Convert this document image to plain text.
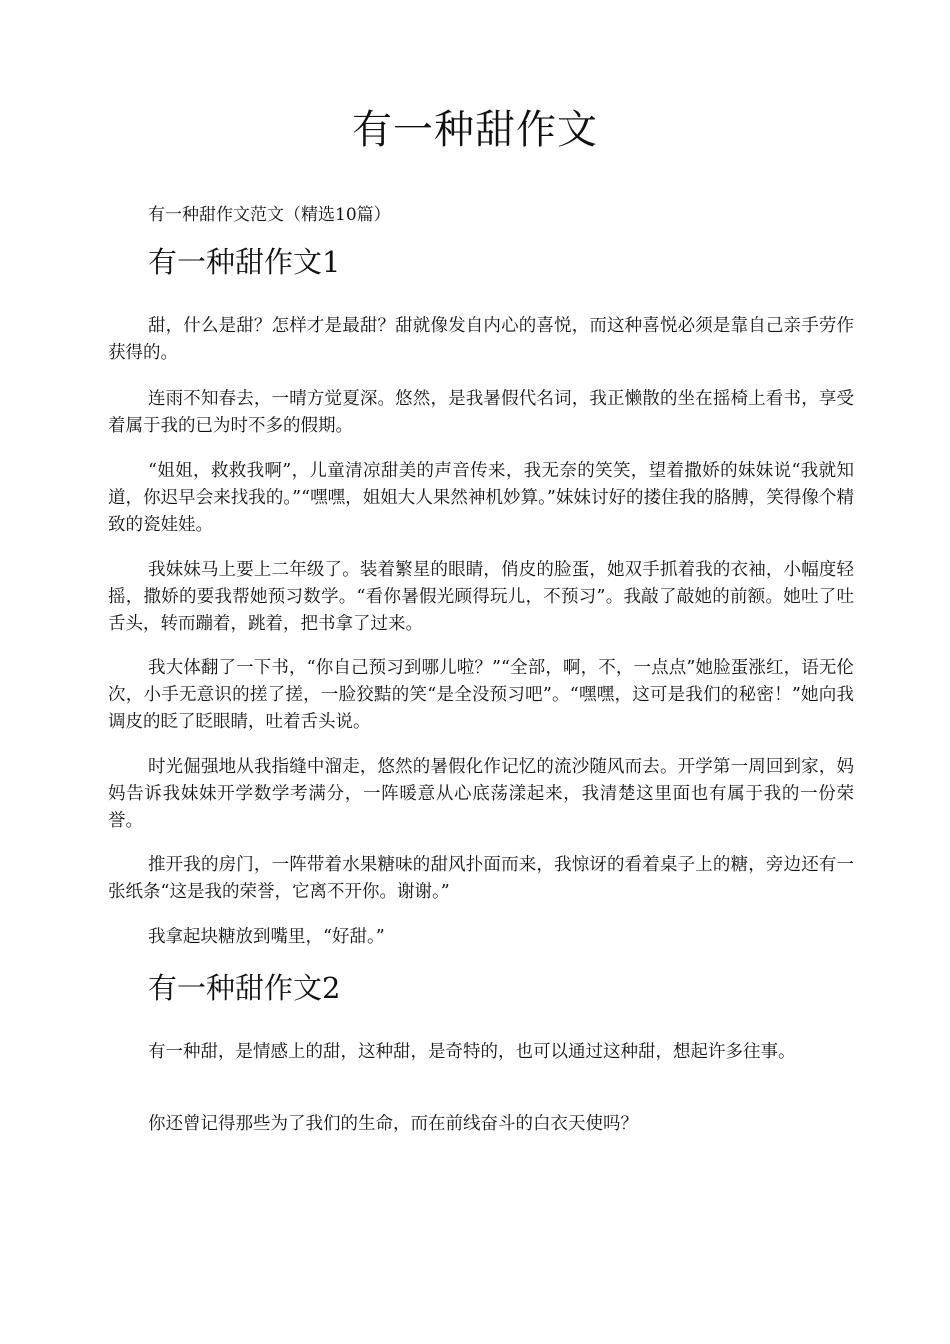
有一种甜作文

有一种甜作文范文（精选10篇）

有一种甜作文1

甜，什么是甜？怎样才是最甜？甜就像发自内心的喜悦，而这种喜悦必须是靠自己亲手劳作获得的。

连雨不知春去，一晴方觉夏深。悠然，是我暑假代名词，我正懒散的坐在摇椅上看书，享受着属于我的已为时不多的假期。

“姐姐，救救我啊”，儿童清凉甜美的声音传来，我无奈的笑笑，望着撒娇的妹妹说“我就知道，你迟早会来找我的。”“嘿嘿，姐姐大人果然神机妙算。”妹妹讨好的搂住我的胳膊，笑得像个精致的瓷娃娃。

我妹妹马上要上二年级了。装着繁星的眼睛，俏皮的脸蛋，她双手抓着我的衣袖，小幅度轻摇，撒娇的要我帮她预习数学。“看你暑假光顾得玩儿，不预习”。我敲了敲她的前额。她吐了吐舌头，转而蹦着，跳着，把书拿了过来。

我大体翻了一下书，“你自己预习到哪儿啦？”“全部，啊，不，一点点”她脸蛋涨红，语无伦次，小手无意识的搓了搓，一脸狡黠的笑“是全没预习吧”。“嘿嘿，这可是我们的秘密！”她向我调皮的眨了眨眼睛，吐着舌头说。

时光倔强地从我指缝中溜走，悠然的暑假化作记忆的流沙随风而去。开学第一周回到家，妈妈告诉我妹妹开学数学考满分，一阵暖意从心底荡漾起来，我清楚这里面也有属于我的一份荣誉。

推开我的房门，一阵带着水果糖味的甜风扑面而来，我惊讶的看着桌子上的糖，旁边还有一张纸条“这是我的荣誉，它离不开你。谢谢。”

我拿起块糖放到嘴里，“好甜。”

有一种甜作文2

有一种甜，是情感上的甜，这种甜，是奇特的，也可以通过这种甜，想起许多往事。

你还曾记得那些为了我们的生命，而在前线奋斗的白衣天使吗？
